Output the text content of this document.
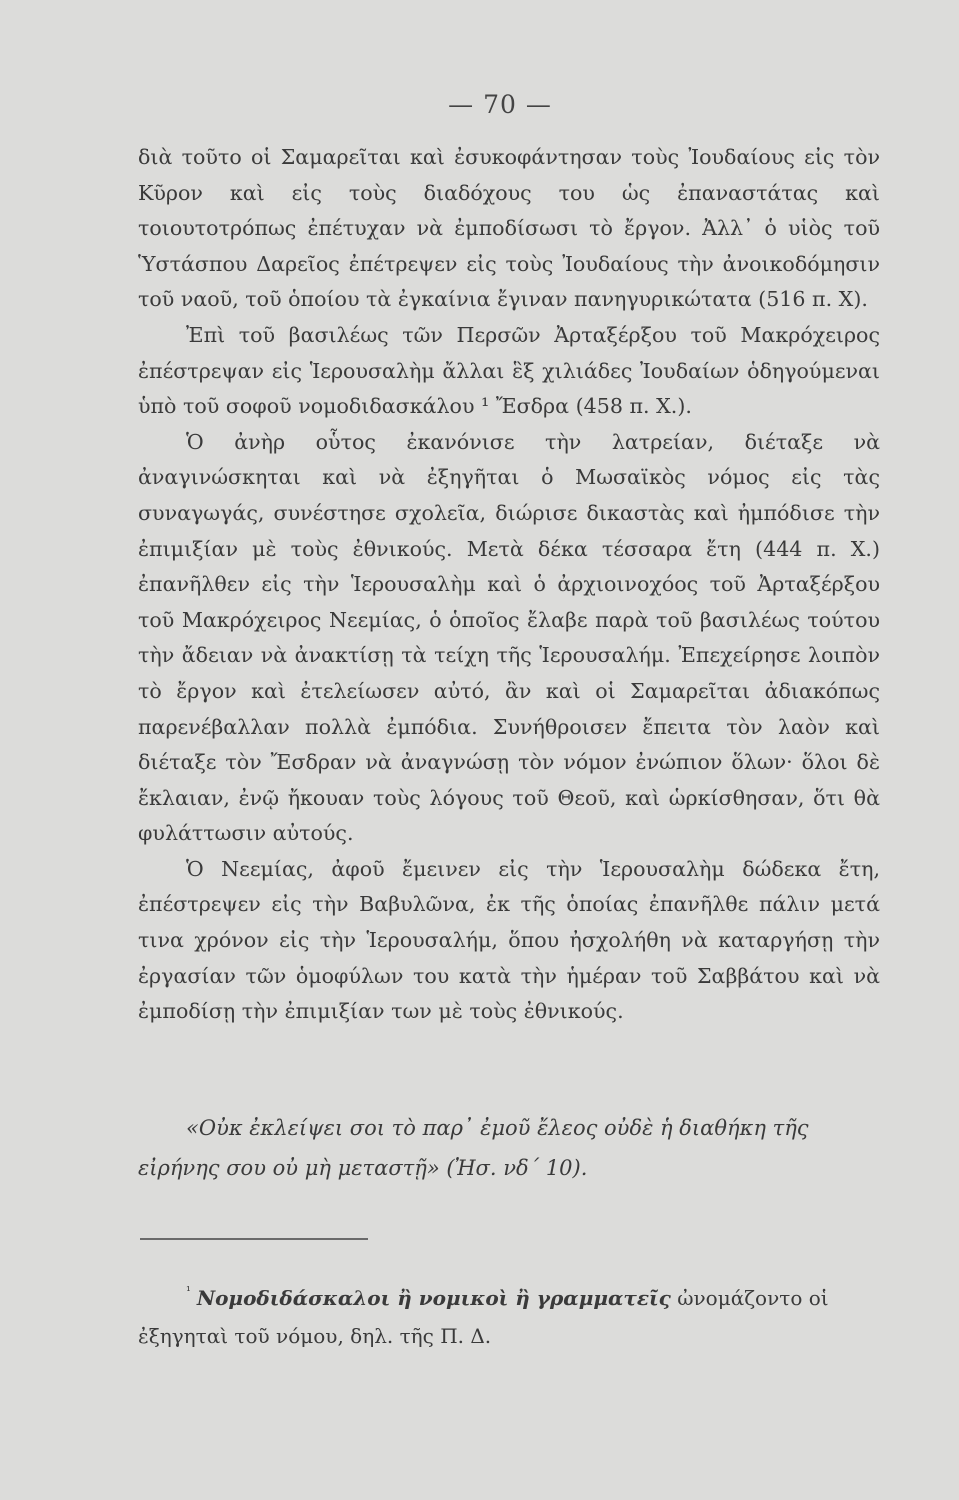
— 70 —

διὰ τοῦτο οἱ Σαμαρεῖται καὶ ἐσυκοφάντησαν τοὺς Ἰουδαίους εἰς τὸν Κῦρον καὶ εἰς τοὺς διαδόχους του ὡς ἐπαναστάτας καὶ τοιουτοτρόπως ἐπέτυχαν νὰ ἐμποδίσωσι τὸ ἔργον. Ἀλλ᾽ ὁ υἱὸς τοῦ Ὑστάσπου Δαρεῖος ἐπέτρεψεν εἰς τοὺς Ἰουδαίους τὴν ἀνοικοδόμησιν τοῦ ναοῦ, τοῦ ὁποίου τὰ ἐγκαίνια ἔγιναν πανηγυρικώτατα (516 π. Χ).

Ἐπὶ τοῦ βασιλέως τῶν Περσῶν Ἀρταξέρξου τοῦ Μακρόχειρος ἐπέστρεψαν εἰς Ἱερουσαλὴμ ἄλλαι ἓξ χιλιάδες Ἰουδαίων ὁδηγούμεναι ὑπὸ τοῦ σοφοῦ νομοδιδασκάλου ¹ Ἔσδρα (458 π. Χ.).

Ὁ ἀνὴρ οὗτος ἐκανόνισε τὴν λατρείαν, διέταξε νὰ ἀναγινώσκηται καὶ νὰ ἐξηγῆται ὁ Μωσαϊκὸς νόμος εἰς τὰς συναγωγάς, συνέστησε σχολεῖα, διώρισε δικαστὰς καὶ ἠμπόδισε τὴν ἐπιμιξίαν μὲ τοὺς ἐθνικούς. Μετὰ δέκα τέσσαρα ἔτη (444 π. Χ.) ἐπανῆλθεν εἰς τὴν Ἱερουσαλὴμ καὶ ὁ ἀρχιοινοχόος τοῦ Ἀρταξέρξου τοῦ Μακρόχειρος Νεεμίας, ὁ ὁποῖος ἔλαβε παρὰ τοῦ βασιλέως τούτου τὴν ἄδειαν νὰ ἀνακτίσῃ τὰ τείχη τῆς Ἱερουσαλήμ. Ἐπεχείρησε λοιπὸν τὸ ἔργον καὶ ἐτελείωσεν αὐτό, ἂν καὶ οἱ Σαμαρεῖται ἀδιακόπως παρενέβαλλαν πολλὰ ἐμπόδια. Συνήθροισεν ἔπειτα τὸν λαὸν καὶ διέταξε τὸν Ἔσδραν νὰ ἀναγνώσῃ τὸν νόμον ἐνώπιον ὅλων· ὅλοι δὲ ἔκλαιαν, ἐνῷ ἤκουαν τοὺς λόγους τοῦ Θεοῦ, καὶ ὡρκίσθησαν, ὅτι θὰ φυλάττωσιν αὐτούς.

Ὁ Νεεμίας, ἀφοῦ ἔμεινεν εἰς τὴν Ἱερουσαλὴμ δώδεκα ἔτη, ἐπέστρεψεν εἰς τὴν Βαβυλῶνα, ἐκ τῆς ὁποίας ἐπανῆλθε πάλιν μετά τινα χρόνον εἰς τὴν Ἱερουσαλήμ, ὅπου ἠσχολήθη νὰ καταργήσῃ τὴν ἐργασίαν τῶν ὁμοφύλων του κατὰ τὴν ἡμέραν τοῦ Σαββάτου καὶ νὰ ἐμποδίσῃ τὴν ἐπιμιξίαν των μὲ τοὺς ἐθνικούς.

«Οὐκ ἐκλείψει σοι τὸ παρ᾽ ἐμοῦ ἔλεος οὐδὲ ἡ διαθήκη τῆς εἰρήνης σου οὐ μὴ μεταστῇ» (Ἠσ. νδ´ 10).

$^{^1}$ Νομοδιδάσκαλοι ἢ νομικοὶ ἢ γραμματεῖς ὠνομάζοντο οἱ ἐξηγηταὶ τοῦ νόμου, δηλ. τῆς Π. Δ.
